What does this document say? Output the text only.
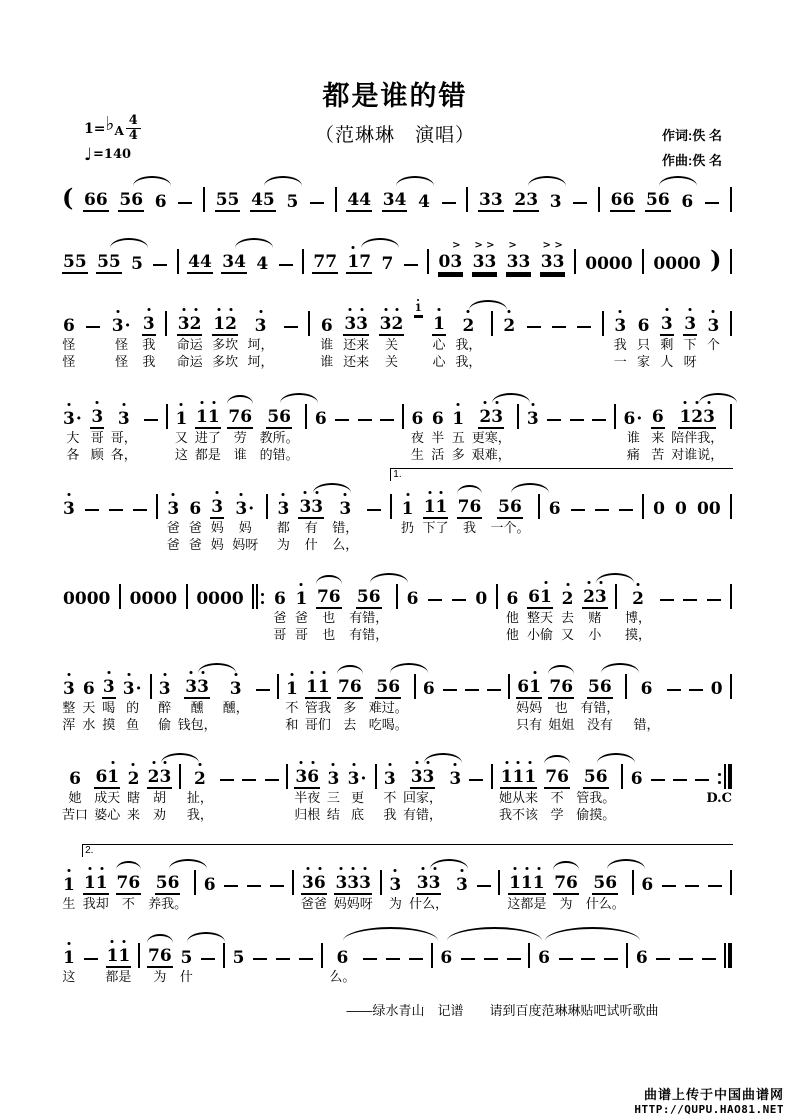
都是谁的错
（范琳琳　演唱）	作词:佚 名
作曲:佚 名
1= ♭ A $\frac{4}{4}$
♩ =140
( 6 6 5 6 6	5 5 4 5 5	4 4 3 4 4	3 3 2 3 3	6 6 5 6 6
5 5 5 5 5	4 4 3 4 4	7 7 1 7 7	0 3
>
3
>
3
>
3
>
3 3
>
3
>
0 0 0 0 0 0 0 0 )
6
怪
怪
3 ·
怪
怪
3
我
我
3 2
命运
命运
1 2
多坎
多坎
3
坷，
坷，
6
谁
谁
3 3
还来
还来
3 2
关
关
1
1
心
心
2
我，
我，
2	3
我
一
6
只
家
3
剩
人
3
下
呀
3
个
3 ·
大
各
3
哥
顾
3
哥，
各，
1
又
这
1 1
进了
都是
7 6
劳
谁
5 6
教所。
的错。
6	6
夜
生
6
半
活
1
五
多
2 3
更寒，
艰难，
3	6 ·
谁
痛
6
来
苦
1 2 3
陪伴我，
对谁说，
1.
3	3
爸
爸
6
爸
爸
3
妈
妈
3 ·
妈
妈呀
3
都
为
3 3
有
什
3
错，
么，
1
扔
1 1
下了
7 6
我
5 6
一个。
6	0 0 0 0
0 0 0 0 0 0 0 0 0 0 0 0 6
爸
哥
1
爸
哥
7 6
也
也
5 6
有错，
有错，
6	0 6
他
他
6 1
整天
小偷
2
去
又
2 3
赌
小
2
博，
摸，
3
整
浑
6
天
水
3
喝
摸
3 ·
的
鱼
3
醉
偷
3 3
醺
钱包，
3
醺，
1
不
和
1 1
管我
哥们
7 6
多
去
5 6
难过。
吃喝。
6	6 1
妈妈
只有
7 6
也
姐姐
5 6
有错，
没有
6
错，
0
D.C
6
她
苦口
6 1
成天
婆心
2
瞎
来
2 3
胡
劝
2
扯，
我，
3 6
半夜
归根
3
三
结
3 ·
更
底
3
不
我
3 3
回家，
有错，
3 1 1 1
她从来
我不该
7 6
不
学
5 6
管我。
偷摸。
6
2.
1
生
1 1
我却
7 6
不
5 6
养我。
6	3 6
爸爸
3 3 3
妈妈呀
3
为
3 3
什么，
3 1 1 1
这都是
7 6
为
5 6
什么。
6
1
这
1 1
都是
7 6
为
5
什
5	6
么。
6	6	6
——绿水青山　记谱　　请到百度范琳琳贴吧试听歌曲
曲谱上传于中国曲谱网
HTTP://QUPU.HAO81.NET
